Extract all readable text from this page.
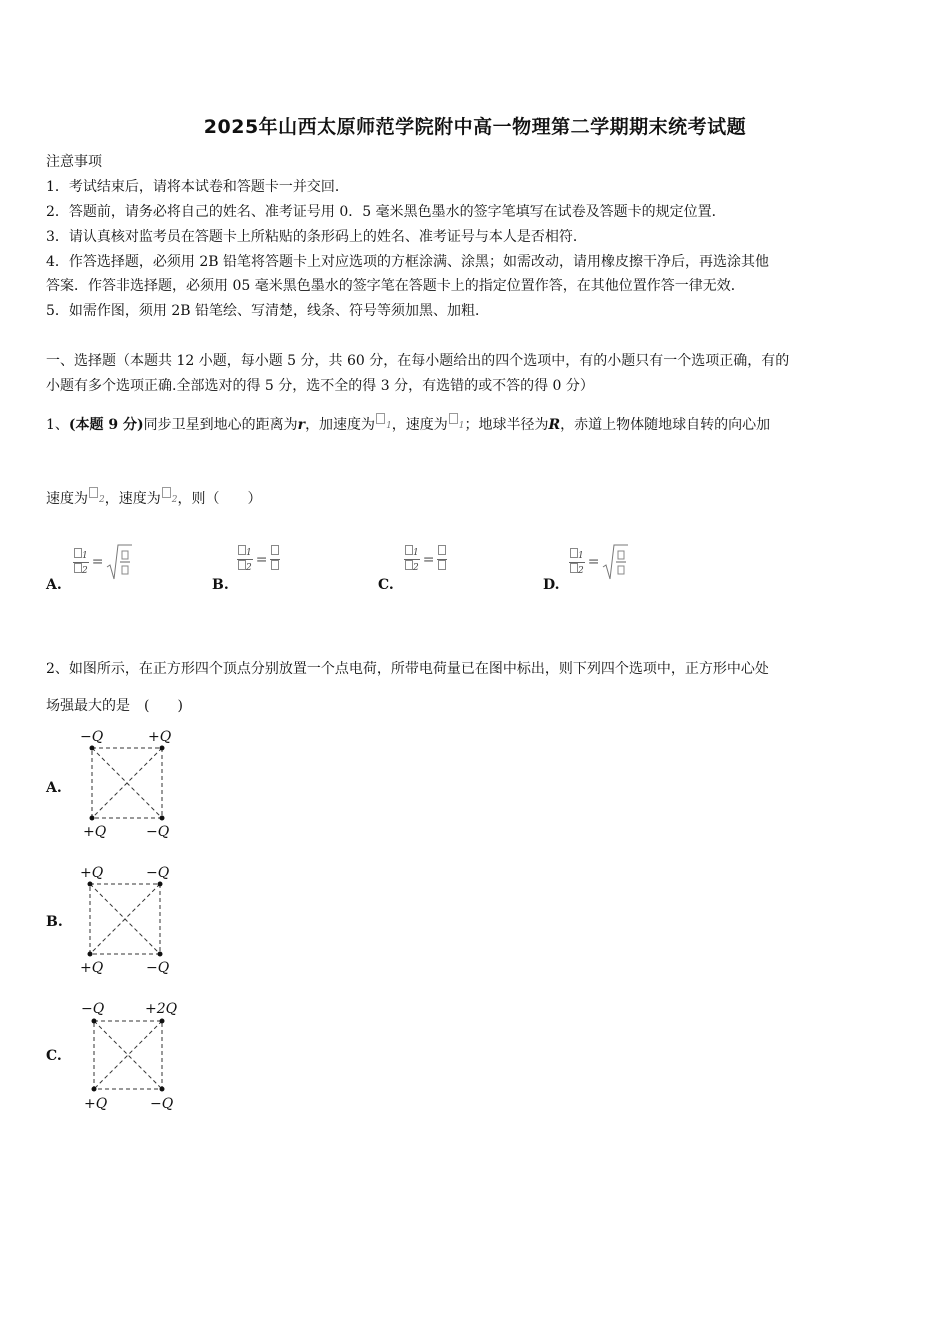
2025年山西太原师范学院附中高一物理第二学期期末统考试题
注意事项
1．考试结束后，请将本试卷和答题卡一并交回．
2．答题前，请务必将自己的姓名、准考证号用 0．5 毫米黑色墨水的签字笔填写在试卷及答题卡的规定位置．
3．请认真核对监考员在答题卡上所粘贴的条形码上的姓名、准考证号与本人是否相符．
4．作答选择题，必须用 2B 铅笔将答题卡上对应选项的方框涂满、涂黑；如需改动，请用橡皮擦干净后，再选涂其他
答案．作答非选择题，必须用 05 毫米黑色墨水的签字笔在答题卡上的指定位置作答，在其他位置作答一律无效．
5．如需作图，须用 2B 铅笔绘、写清楚，线条、符号等须加黑、加粗．
一、选择题（本题共 12 小题，每小题 5 分，共 60 分，在每小题给出的四个选项中，有的小题只有一个选项正确，有的
小题有多个选项正确.全部选对的得 5 分，选不全的得 3 分，有选错的或不答的得 0 分）
1、(本题 9 分)同步卫星到地心的距离为r，加速度为 1，速度为 1；地球半径为R，赤道上物体随地球自转的向心加
速度为 2，速度为 2，则（　　）
A.
$\frac{1}{2}$ =
B.
$\frac{1}{2}$ =
C.
$\frac{1}{2}$ =
D.
$\frac{1}{2}$ =
2、如图所示，在正方形四个顶点分别放置一个点电荷，所带电荷量已在图中标出，则下列四个选项中，正方形中心处
场强最大的是　(　　)
A.
−Q	+Q
+Q	−Q
B.
+Q	−Q
+Q	−Q
C.
−Q	+2Q
+Q	−Q
